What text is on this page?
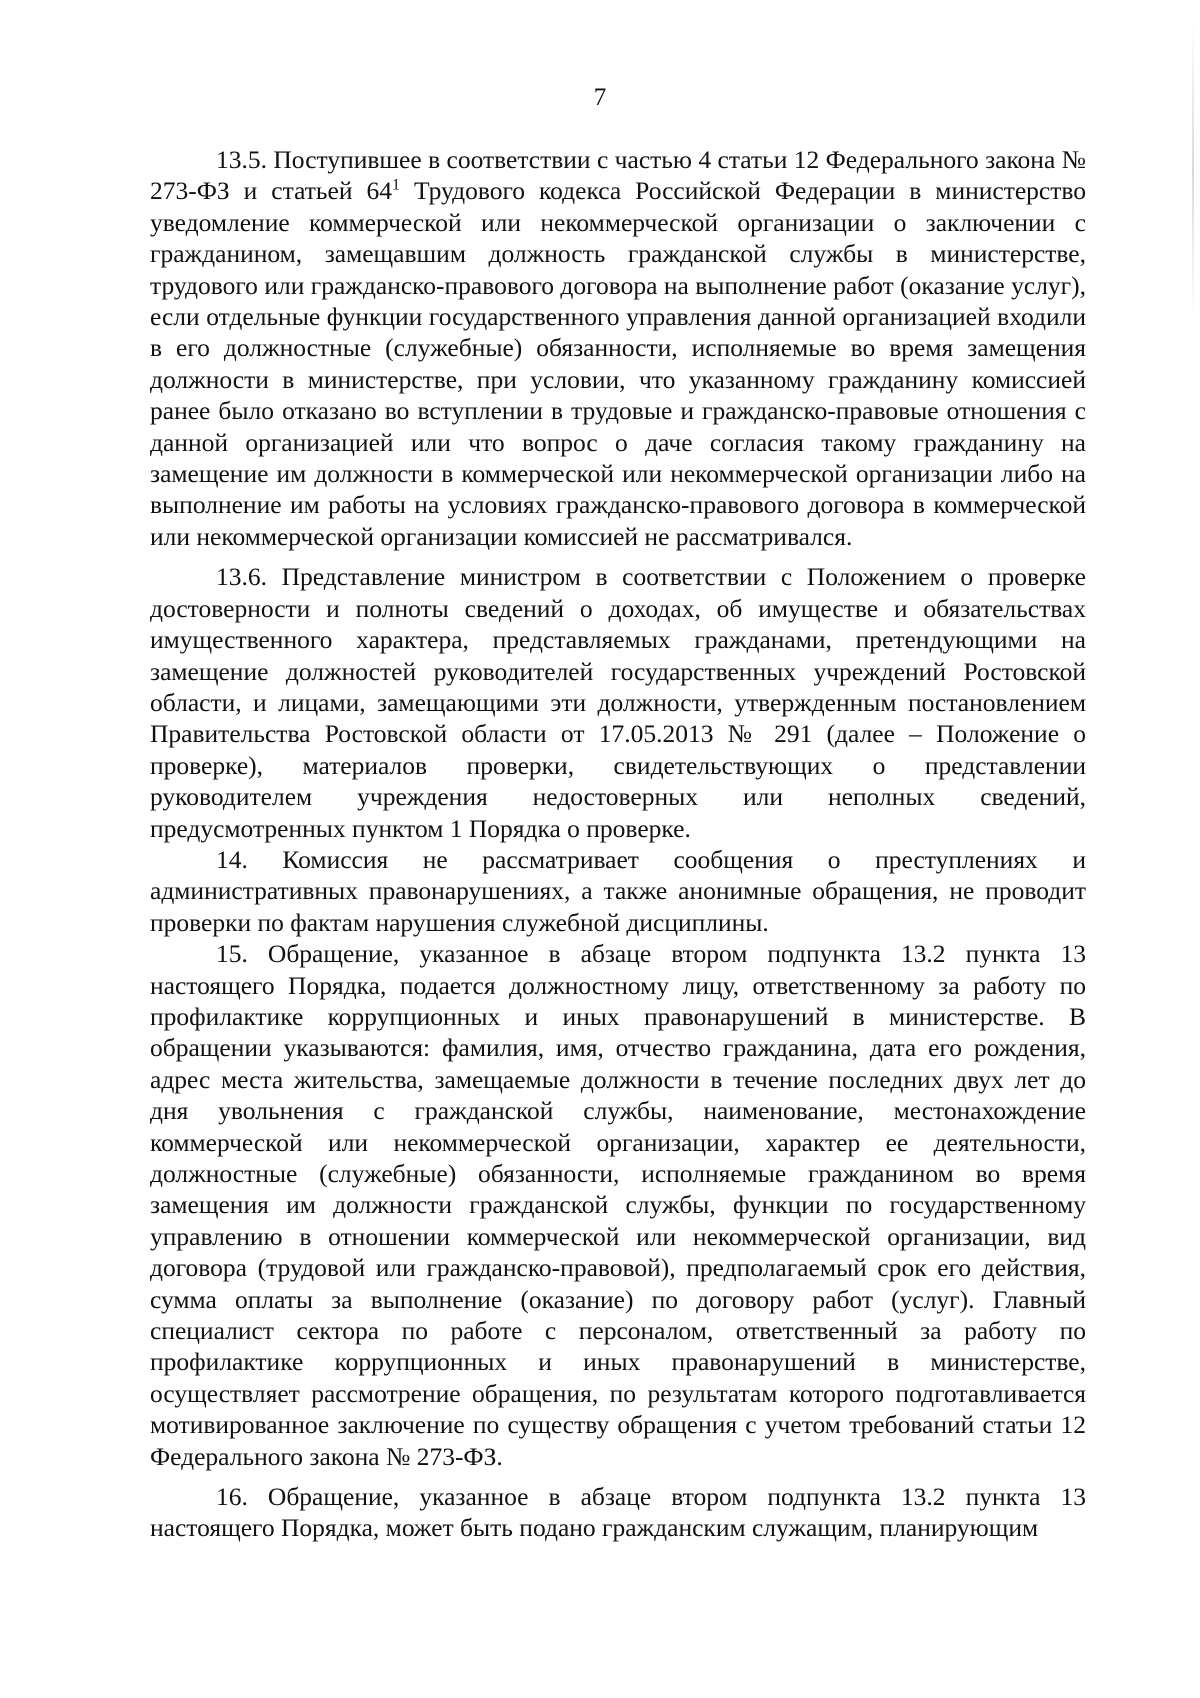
7

13.5. Поступившее в соответствии с частью 4 статьи 12 Федерального закона № 273-ФЗ и статьей $64^1$ Трудового кодекса Российской Федерации в министерство уведомление коммерческой или некоммерческой организации о заключении с гражданином, замещавшим должность гражданской службы в министерстве, трудового или гражданско-правового договора на выполнение работ (оказание услуг), если отдельные функции государственного управления данной организацией входили в его должностные (служебные) обязанности, исполняемые во время замещения должности в министерстве, при условии, что указанному гражданину комиссией ранее было отказано во вступлении в трудовые и гражданско-правовые отношения с данной организацией или что вопрос о даче согласия такому гражданину на замещение им должности в коммерческой или некоммерческой организации либо на выполнение им работы на условиях гражданско-правового договора в коммерческой или некоммерческой организации комиссией не рассматривался.

13.6. Представление министром в соответствии с Положением о проверке достоверности и полноты сведений о доходах, об имуществе и обязательствах имущественного характера, представляемых гражданами, претендующими на замещение должностей руководителей государственных учреждений Ростовской области, и лицами, замещающими эти должности, утвержденным постановлением Правительства Ростовской области от 17.05.2013 № 291 (далее – Положение о проверке), материалов проверки, свидетельствующих о представлении руководителем учреждения недостоверных или неполных сведений, предусмотренных пунктом 1 Порядка о проверке.

14. Комиссия не рассматривает сообщения о преступлениях и административных правонарушениях, а также анонимные обращения, не проводит проверки по фактам нарушения служебной дисциплины.

15. Обращение, указанное в абзаце втором подпункта 13.2 пункта 13 настоящего Порядка, подается должностному лицу, ответственному за работу по профилактике коррупционных и иных правонарушений в министерстве. В обращении указываются: фамилия, имя, отчество гражданина, дата его рождения, адрес места жительства, замещаемые должности в течение последних двух лет до дня увольнения с гражданской службы, наименование, местонахождение коммерческой или некоммерческой организации, характер ее деятельности, должностные (служебные) обязанности, исполняемые гражданином во время замещения им должности гражданской службы, функции по государственному управлению в отношении коммерческой или некоммерческой организации, вид договора (трудовой или гражданско-правовой), предполагаемый срок его действия, сумма оплаты за выполнение (оказание) по договору работ (услуг). Главный специалист сектора по работе с персоналом, ответственный за работу по профилактике коррупционных и иных правонарушений в министерстве, осуществляет рассмотрение обращения, по результатам которого подготавливается мотивированное заключение по существу обращения с учетом требований статьи 12 Федерального закона № 273-ФЗ.

16. Обращение, указанное в абзаце втором подпункта 13.2 пункта 13 настоящего Порядка, может быть подано гражданским служащим, планирующим
